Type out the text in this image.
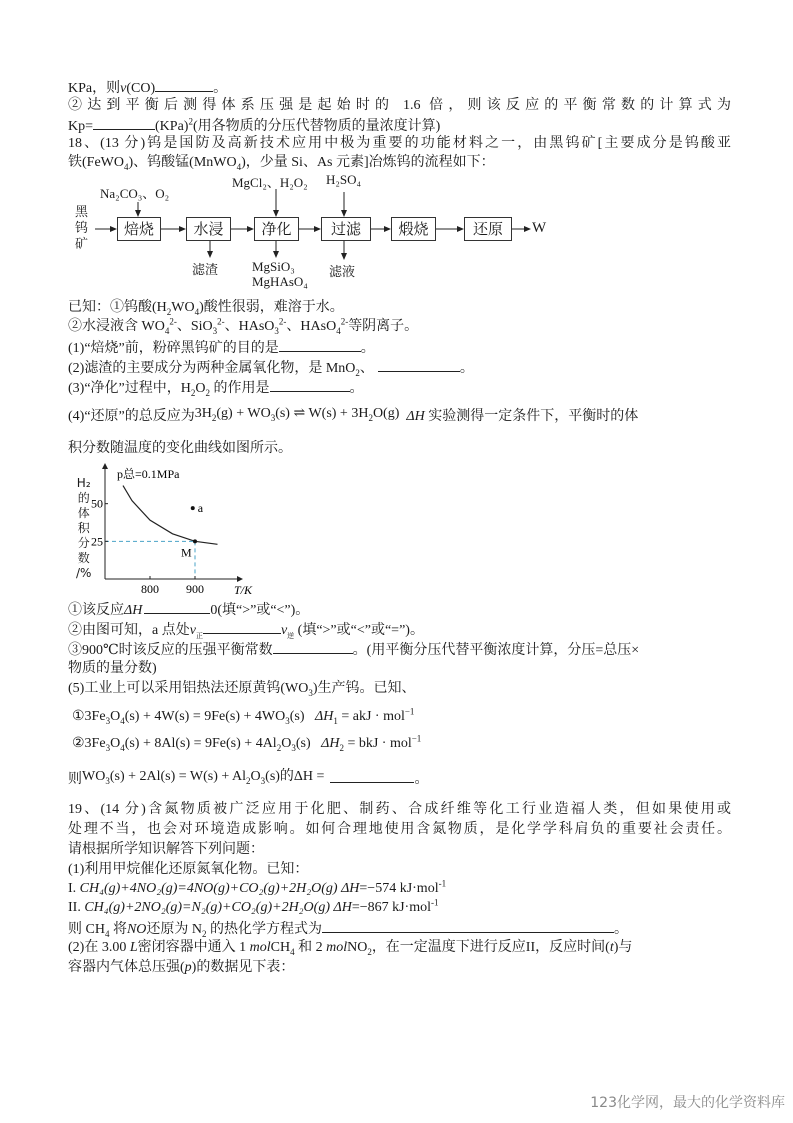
KPa，则v(CO)	。
②达到平衡后测得体系压强是起始时的 1.6 倍，则该反应的平衡常数的计算式为
Kp=	(KPa)$^2$(用各物质的分压代替物质的量浓度计算)
18、(13 分)钨是国防及高新技术应用中极为重要的功能材料之一，由黑钨矿[主要成分是钨酸亚
铁(FeWO$_4$)、钨酸锰(MnWO$_4$)，少量 Si、As 元素]冶炼钨的流程如下：
黑
钨
矿
焙烧	水浸	净化	过滤	煅烧	还原	W
Na₂CO₃、O₂
MgCl₂、H₂O₂ H₂SO₄
滤渣	MgSiO₃
MgHAsO₄
滤液
已知：①钨酸$(H_2WO_4)$酸性很弱，难溶于水。
②水浸液含 $WO_4^{2-}$、SiO$_3^{2-}$、HAsO$_3^{2-}$、HAsO$_4^{2-}$等阴离子。
(1)“焙烧”前，粉碎黑钨矿的目的是	。
(2)滤渣的主要成分为两种金属氧化物，是 MnO$_2$、	。
(3)“净化”过程中，$H_2O_2$ 的作用是	。
(4)“还原”的总反应为$3H_2(g) + WO_3(s)$ ⇌ $W(s) + 3H_2O(g)$ ΔH 实验测得一定条件下，平衡时的体
积分数随温度的变化曲线如图所示。
a
M
800 900
50
25
T/K
p总=0.1MPa
H₂
的
体
积
分
数
/%
①该反应ΔH	0(填“>”或“<”)。
②由图可知，a 点处$v_正$	$v_逆$ (填“>”或“<”或“=”)。
③900℃时该反应的压强平衡常数	。(用平衡分压代替平衡浓度计算，分压=总压×
物质的量分数)
(5)工业上可以采用铝热法还原黄钨$(WO_3)$生产钨。已知、
$①3Fe_3O_4(s) + 4W(s) = 9Fe(s) + 4WO_3(s) \Delta H_1$ = akJ · mol$^{-1}$
$②3Fe_3O_4(s) + 8Al(s) = 9Fe(s) + 4Al_2O_3(s) \Delta H_2$ = bkJ · mol$^{-1}$
则$WO_3(s) + 2Al(s) = W(s) + Al_2O_3(s)$的ΔH =	。
19、(14 分)含氮物质被广泛应用于化肥、制药、合成纤维等化工行业造福人类，但如果使用或
处理不当，也会对环境造成影响。如何合理地使用含氮物质，是化学学科肩负的重要社会责任。
请根据所学知识解答下列问题：
(1)利用甲烷催化还原氮氧化物。已知：
I. CH₄(g)+4NO₂(g)=4NO(g)+CO₂(g)+2H₂O(g) ΔH=−574 kJ·mol$^{-1}$
II. CH₄(g)+2NO₂(g)=N₂(g)+CO₂(g)+2H₂O(g) ΔH=−867 kJ·mol$^{-1}$
则 $CH_4$ 将NO还原为 $N_2$ 的热化学方程式为	。
(2)在 3.00 L密闭容器中通入 1 molCH$_4$ 和 2 molNO$_2$，在一定温度下进行反应II，反应时间(t)与
容器内气体总压强(p)的数据见下表：
123化学网，最大的化学资料库
